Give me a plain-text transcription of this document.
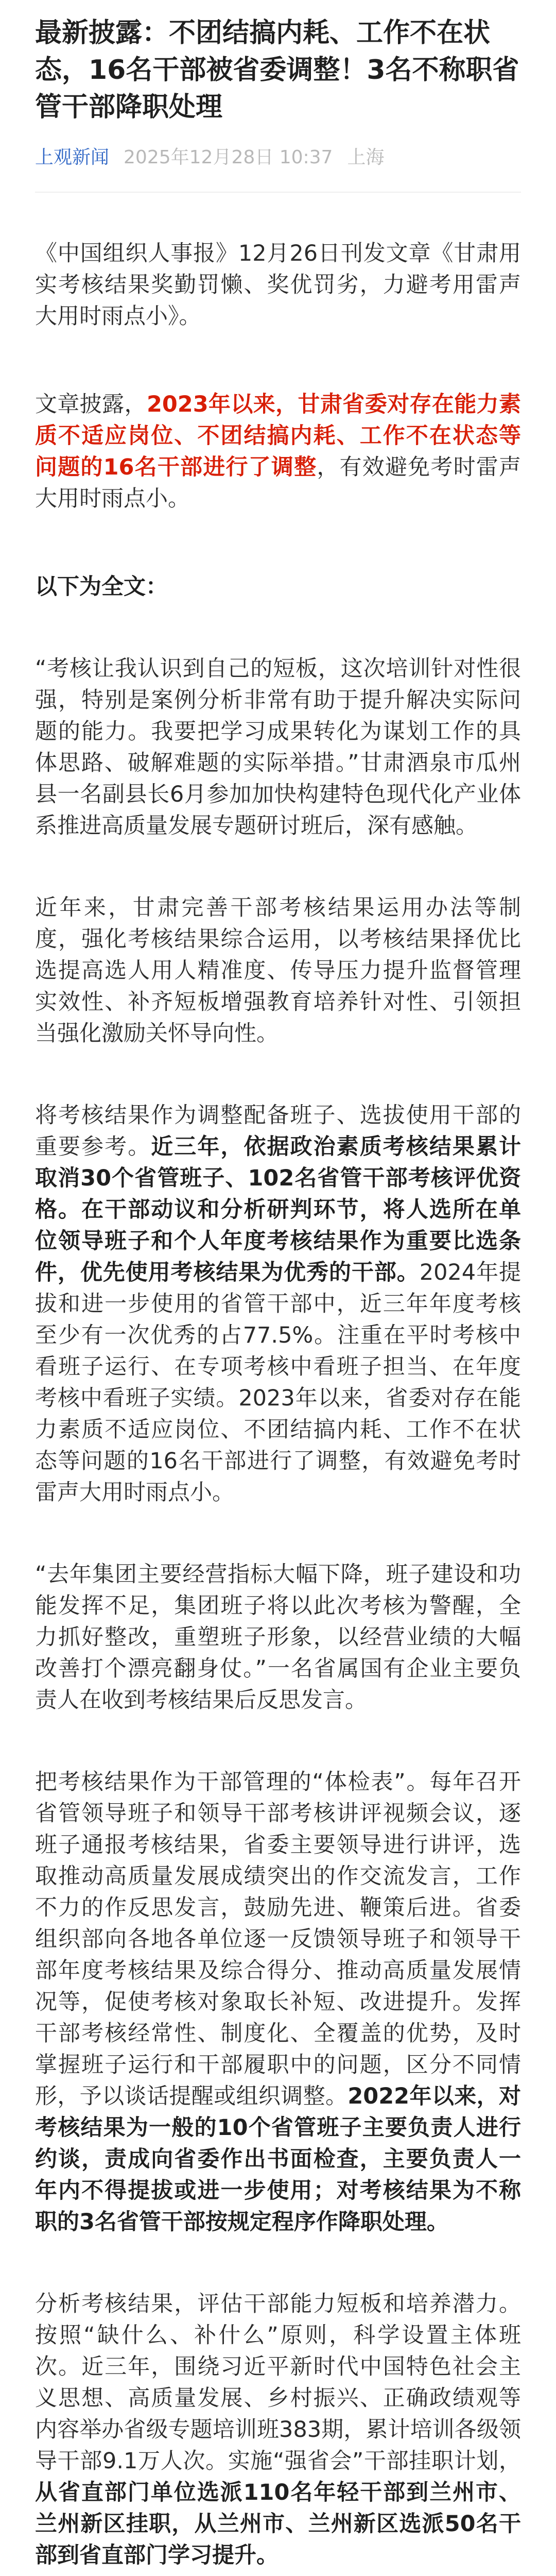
最新披露：不团结搞内耗、工作不在状态，16名干部被省委调整！3名不称职省管干部降职处理
上观新闻 2025年12月28日 10:37 上海

《中国组织人事报》12月26日刊发文章《甘肃用实考核结果奖勤罚懒、奖优罚劣，力避考用雷声大用时雨点小》。

文章披露，2023年以来，甘肃省委对存在能力素质不适应岗位、不团结搞内耗、工作不在状态等问题的16名干部进行了调整，有效避免考时雷声大用时雨点小。

以下为全文：

“考核让我认识到自己的短板，这次培训针对性很强，特别是案例分析非常有助于提升解决实际问题的能力。我要把学习成果转化为谋划工作的具体思路、破解难题的实际举措。”甘肃酒泉市瓜州县一名副县长6月参加加快构建特色现代化产业体系推进高质量发展专题研讨班后，深有感触。

近年来，甘肃完善干部考核结果运用办法等制度，强化考核结果综合运用，以考核结果择优比选提高选人用人精准度、传导压力提升监督管理实效性、补齐短板增强教育培养针对性、引领担当强化激励关怀导向性。

将考核结果作为调整配备班子、选拔使用干部的重要参考。近三年，依据政治素质考核结果累计取消30个省管班子、102名省管干部考核评优资格。在干部动议和分析研判环节，将人选所在单位领导班子和个人年度考核结果作为重要比选条件，优先使用考核结果为优秀的干部。2024年提拔和进一步使用的省管干部中，近三年年度考核至少有一次优秀的占77.5%。注重在平时考核中看班子运行、在专项考核中看班子担当、在年度考核中看班子实绩。2023年以来，省委对存在能力素质不适应岗位、不团结搞内耗、工作不在状态等问题的16名干部进行了调整，有效避免考时雷声大用时雨点小。

“去年集团主要经营指标大幅下降，班子建设和功能发挥不足，集团班子将以此次考核为警醒，全力抓好整改，重塑班子形象，以经营业绩的大幅改善打个漂亮翻身仗。”一名省属国有企业主要负责人在收到考核结果后反思发言。

把考核结果作为干部管理的“体检表”。每年召开省管领导班子和领导干部考核讲评视频会议，逐班子通报考核结果，省委主要领导进行讲评，选取推动高质量发展成绩突出的作交流发言，工作不力的作反思发言，鼓励先进、鞭策后进。省委组织部向各地各单位逐一反馈领导班子和领导干部年度考核结果及综合得分、推动高质量发展情况等，促使考核对象取长补短、改进提升。发挥干部考核经常性、制度化、全覆盖的优势，及时掌握班子运行和干部履职中的问题，区分不同情形，予以谈话提醒或组织调整。2022年以来，对考核结果为一般的10个省管班子主要负责人进行约谈，责成向省委作出书面检查，主要负责人一年内不得提拔或进一步使用；对考核结果为不称职的3名省管干部按规定程序作降职处理。

分析考核结果，评估干部能力短板和培养潜力。按照“缺什么、补什么”原则，科学设置主体班次。近三年，围绕习近平新时代中国特色社会主义思想、高质量发展、乡村振兴、正确政绩观等内容举办省级专题培训班383期，累计培训各级领导干部9.1万人次。实施“强省会”干部挂职计划，从省直部门单位选派110名年轻干部到兰州市、兰州新区挂职，从兰州市、兰州新区选派50名干部到省直部门学习提升。
